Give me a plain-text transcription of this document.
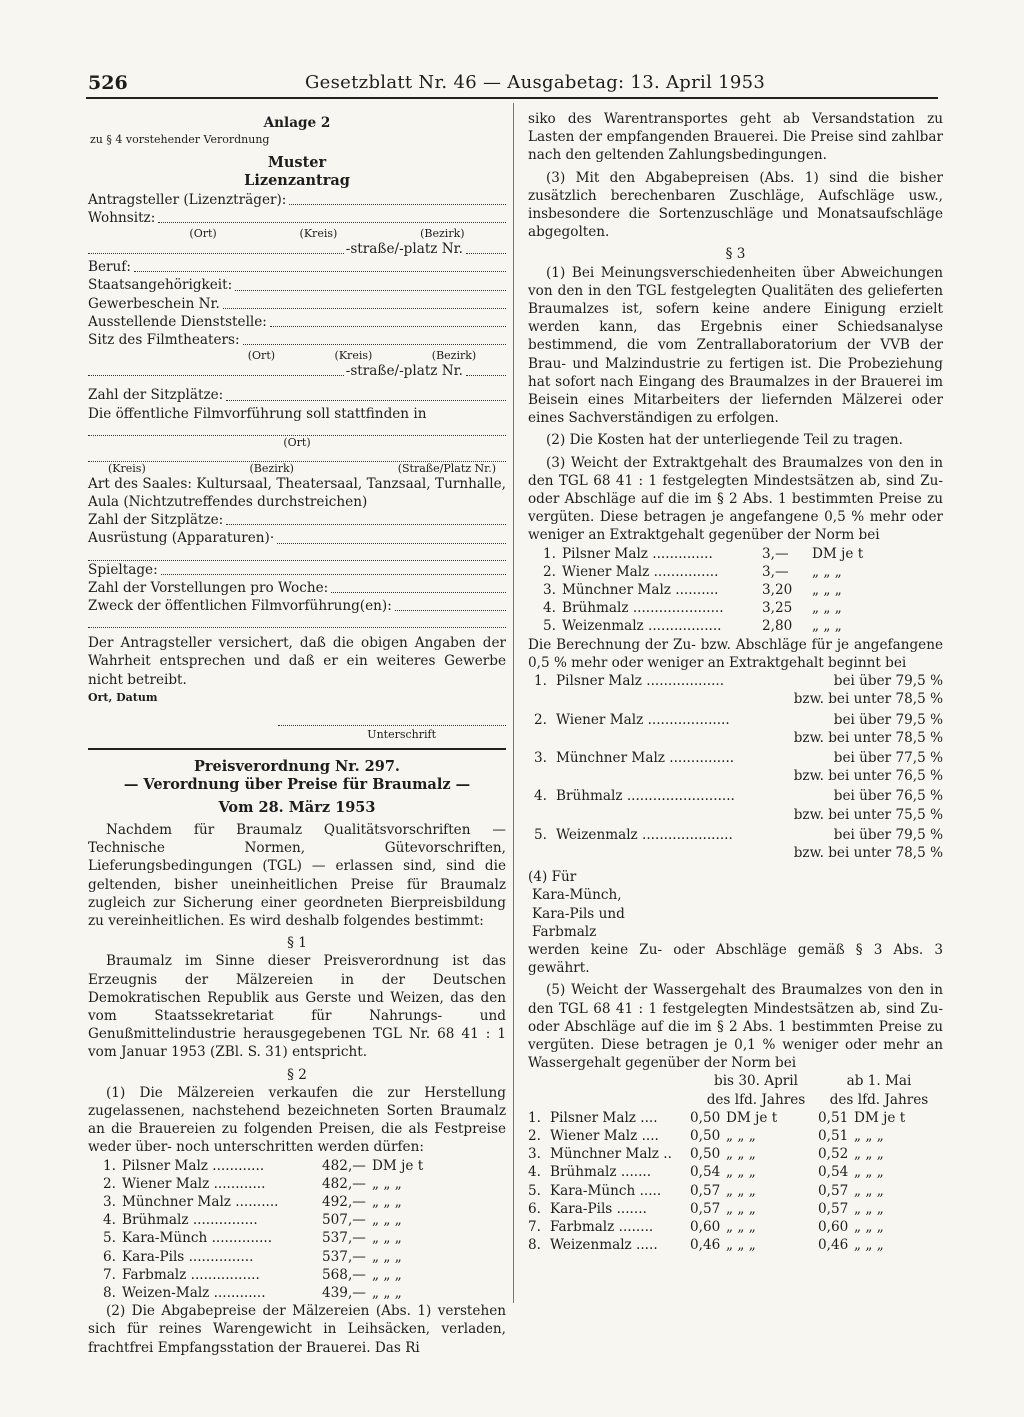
526	Gesetzblatt Nr. 46 — Ausgabetag: 13. April 1953
Anlage 2
zu § 4 vorstehender Verordnung
Muster
Lizenzantrag
Antragsteller (Lizenzträger):
Wohnsitz:
(Ort)	(Kreis)	(Bezirk)
-straße/-platz Nr.
Beruf:
Staatsangehörigkeit:
Gewerbeschein Nr.
Ausstellende Dienststelle:
Sitz des Filmtheaters:
(Ort)	(Kreis)	(Bezirk)
-straße/-platz Nr.
Zahl der Sitzplätze:
Die öffentliche Filmvorführung soll stattfinden in
(Ort)
(Kreis)	(Bezirk)	(Straße/Platz Nr.)
Art des Saales: Kultursaal, Theatersaal, Tanzsaal, Turnhalle, Aula (Nichtzutreffendes durchstreichen)
Zahl der Sitzplätze:
Ausrüstung (Apparaturen)·
Spieltage:
Zahl der Vorstellungen pro Woche:
Zweck der öffentlichen Filmvorführung(en):
Der Antragsteller versichert, daß die obigen Angaben der Wahrheit entsprechen und daß er ein weiteres Gewerbe nicht betreibt.
Ort, Datum
Unterschrift
Preisverordnung Nr. 297.
— Verordnung über Preise für Braumalz —
Vom 28. März 1953
Nachdem für Braumalz Qualitätsvorschriften — Technische Normen, Gütevorschriften, Lieferungsbedingungen (TGL) — erlassen sind, sind die geltenden, bisher uneinheitlichen Preise für Braumalz zugleich zur Sicherung einer geordneten Bierpreisbildung zu vereinheitlichen. Es wird deshalb folgendes bestimmt:
§ 1
Braumalz im Sinne dieser Preisverordnung ist das Erzeugnis der Mälzereien in der Deutschen Demokratischen Republik aus Gerste und Weizen, das den vom Staatssekretariat für Nahrungs- und Genußmittelindustrie herausgegebenen TGL Nr. 68 41 : 1 vom Januar 1953 (ZBl. S. 31) entspricht.
§ 2
(1) Die Mälzereien verkaufen die zur Herstellung zugelassenen, nachstehend bezeichneten Sorten Braumalz an die Brauereien zu folgenden Preisen, die als Festpreise weder über- noch unterschritten werden dürfen:
1. Pilsner Malz ............	482,— DM je t
2. Wiener Malz ............	482,— „ „ „
3. Münchner Malz ..........	492,— „ „ „
4. Brühmalz ...............	507,— „ „ „
5. Kara-Münch ..............	537,— „ „ „
6. Kara-Pils ...............	537,— „ „ „
7. Farbmalz ................	568,— „ „ „
8. Weizen-Malz ............	439,— „ „ „
(2) Die Abgabepreise der Mälzereien (Abs. 1) verstehen sich für reines Warengewicht in Leihsäcken, verladen, frachtfrei Empfangsstation der Brauerei. Das Ri
siko des Warentransportes geht ab Versandstation zu Lasten der empfangenden Brauerei. Die Preise sind zahlbar nach den geltenden Zahlungsbedingungen.
(3) Mit den Abgabepreisen (Abs. 1) sind die bisher zusätzlich berechenbaren Zuschläge, Aufschläge usw., insbesondere die Sortenzuschläge und Monatsaufschläge abgegolten.
§ 3
(1) Bei Meinungsverschiedenheiten über Abweichungen von den in den TGL festgelegten Qualitäten des gelieferten Braumalzes ist, sofern keine andere Einigung erzielt werden kann, das Ergebnis einer Schiedsanalyse bestimmend, die vom Zentrallaboratorium der VVB der Brau- und Malzindustrie zu fertigen ist. Die Probeziehung hat sofort nach Eingang des Braumalzes in der Brauerei im Beisein eines Mitarbeiters der liefernden Mälzerei oder eines Sachverständigen zu erfolgen.
(2) Die Kosten hat der unterliegende Teil zu tragen.
(3) Weicht der Extraktgehalt des Braumalzes von den in den TGL 68 41 : 1 festgelegten Mindestsätzen ab, sind Zu- oder Abschläge auf die im § 2 Abs. 1 bestimmten Preise zu vergüten. Diese betragen je angefangene 0,5 % mehr oder weniger an Extraktgehalt gegenüber der Norm bei
1. Pilsner Malz ..............	3,—	DM je t
2. Wiener Malz ...............	3,—	„ „ „
3. Münchner Malz ..........	3,20	„ „ „
4. Brühmalz .....................	3,25	„ „ „
5. Weizenmalz .................	2,80	„ „ „
Die Berechnung der Zu- bzw. Abschläge für je angefangene 0,5 % mehr oder weniger an Extraktgehalt beginnt bei
1. Pilsner Malz ..................	bei über 79,5 %
bzw. bei unter 78,5 %
2. Wiener Malz ...................	bei über 79,5 %
bzw. bei unter 78,5 %
3. Münchner Malz ...............	bei über 77,5 %
bzw. bei unter 76,5 %
4. Brühmalz .........................	bei über 76,5 %
bzw. bei unter 75,5 %
5. Weizenmalz .....................	bei über 79,5 %
bzw. bei unter 78,5 %
(4) Für
Kara-Münch,
Kara-Pils und
Farbmalz
werden keine Zu- oder Abschläge gemäß § 3 Abs. 3 gewährt.
(5) Weicht der Wassergehalt des Braumalzes von den in den TGL 68 41 : 1 festgelegten Mindestsätzen ab, sind Zu- oder Abschläge auf die im § 2 Abs. 1 bestimmten Preise zu vergüten. Diese betragen je 0,1 % weniger oder mehr an Wassergehalt gegenüber der Norm bei
bis 30. April
des lfd. Jahres
ab 1. Mai
des lfd. Jahres
1. Pilsner Malz ....	0,50 DM je t	0,51 DM je t
2. Wiener Malz ....	0,50 „ „ „	0,51 „ „ „
3. Münchner Malz ..	0,50 „ „ „	0,52 „ „ „
4. Brühmalz .......	0,54 „ „ „	0,54 „ „ „
5. Kara-Münch .....	0,57 „ „ „	0,57 „ „ „
6. Kara-Pils .......	0,57 „ „ „	0,57 „ „ „
7. Farbmalz ........	0,60 „ „ „	0,60 „ „ „
8. Weizenmalz .....	0,46 „ „ „	0,46 „ „ „
